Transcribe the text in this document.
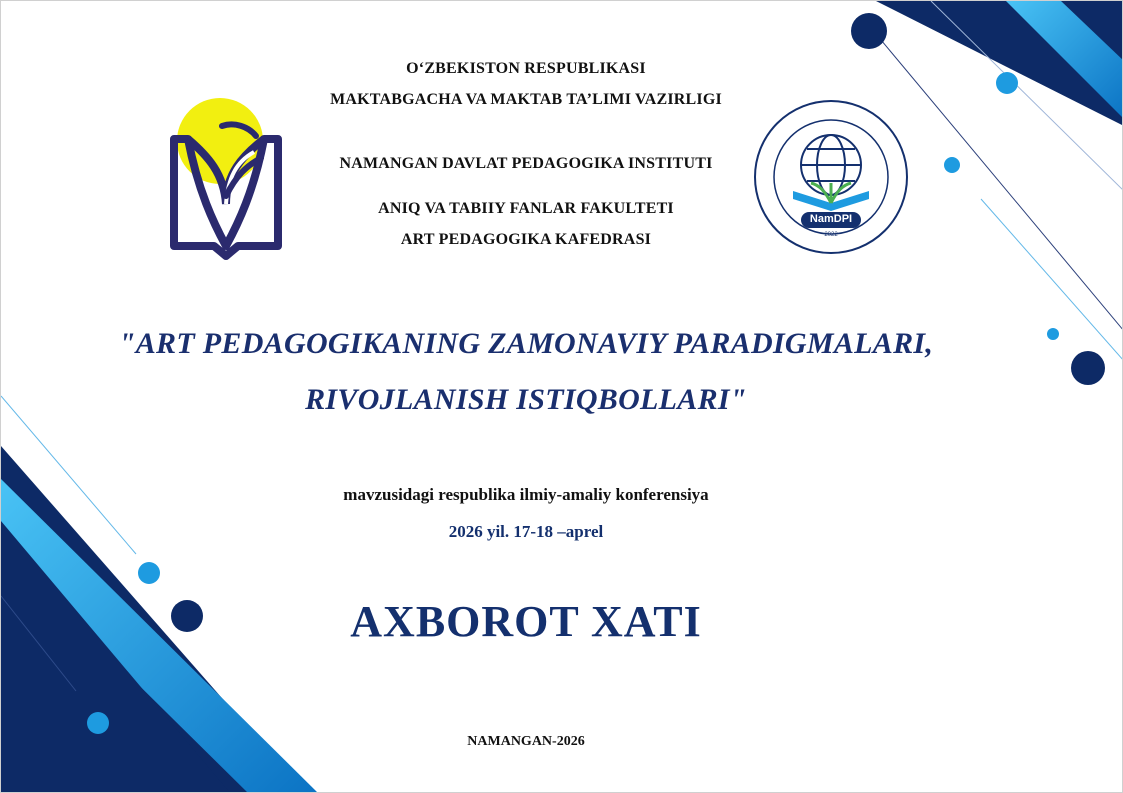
NamDPI
2022

O‘ZBEKISTON RESPUBLIKASI

MAKTABGACHA VA MAKTAB TA’LIMI VAZIRLIGI

NAMANGAN DAVLAT PEDAGOGIKA INSTITUTI

ANIQ VA TABIIY FANLAR FAKULTETI

ART PEDAGOGIKA KAFEDRASI

"ART PEDAGOGIKANING ZAMONAVIY PARADIGMALARI,

RIVOJLANISH ISTIQBOLLARI"

mavzusidagi respublika ilmiy-amaliy konferensiya

2026 yil. 17-18 –aprel

AXBOROT XATI

NAMANGAN-2026
